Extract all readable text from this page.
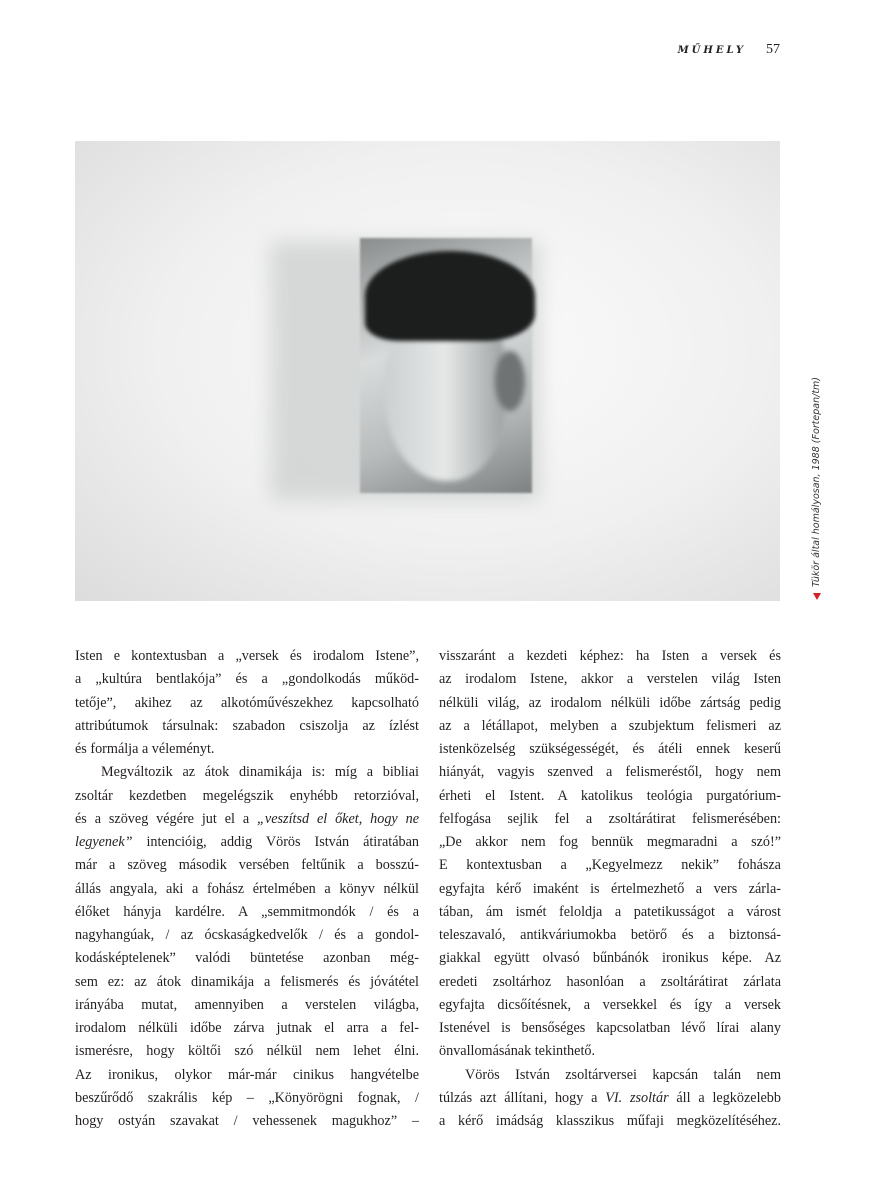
MŰHELY 57
Tükör által homályosan, 1988 (Fortepan/tm)
Isten e kontextusban a „versek és irodalom Istene”,
a „kultúra bentlakója” és a „gondolkodás működ-
tetője”, akihez az alkotóművészekhez kapcsolható
attribútumok társulnak: szabadon csiszolja az ízlést
és formálja a véleményt.
Megváltozik az átok dinamikája is: míg a bibliai
zsoltár kezdetben megelégszik enyhébb retorzióval,
és a szöveg végére jut el a „veszítsd el őket, hogy ne
legyenek” intencióig, addig Vörös István átiratában
már a szöveg második versében feltűnik a bosszú-
állás angyala, aki a fohász értelmében a könyv nélkül
élőket hányja kardélre. A „semmitmondók / és a
nagyhangúak, / az ócskaságkedvelők / és a gondol-
kodásképtelenek” valódi büntetése azonban még-
sem ez: az átok dinamikája a felismerés és jóvátétel
irányába mutat, amennyiben a verstelen világba,
irodalom nélküli időbe zárva jutnak el arra a fel-
ismerésre, hogy költői szó nélkül nem lehet élni.
Az ironikus, olykor már-már cinikus hangvételbe
beszűrődő szakrális kép – „Könyörögni fognak, /
hogy ostyán szavakat / vehessenek magukhoz” –
visszaránt a kezdeti képhez: ha Isten a versek és
az irodalom Istene, akkor a verstelen világ Isten
nélküli világ, az irodalom nélküli időbe zártság pedig
az a létállapot, melyben a szubjektum felismeri az
istenközelség szükségességét, és átéli ennek keserű
hiányát, vagyis szenved a felismeréstől, hogy nem
érheti el Istent. A katolikus teológia purgatórium-
felfogása sejlik fel a zsoltárátirat felismerésében:
„De akkor nem fog bennük megmaradni a szó!”
E kontextusban a „Kegyelmezz nekik” fohásza
egyfajta kérő imaként is értelmezhető a vers zárla-
tában, ám ismét feloldja a patetikusságot a várost
teleszavaló, antikváriumokba betörő és a biztonsá-
giakkal együtt olvasó bűnbánók ironikus képe. Az
eredeti zsoltárhoz hasonlóan a zsoltárátirat zárlata
egyfajta dicsőítésnek, a versekkel és így a versek
Istenével is bensőséges kapcsolatban lévő lírai alany
önvallomásának tekinthető.
Vörös István zsoltárversei kapcsán talán nem
túlzás azt állítani, hogy a VI. zsoltár áll a legközelebb
a kérő imádság klasszikus műfaji megközelítéséhez.
